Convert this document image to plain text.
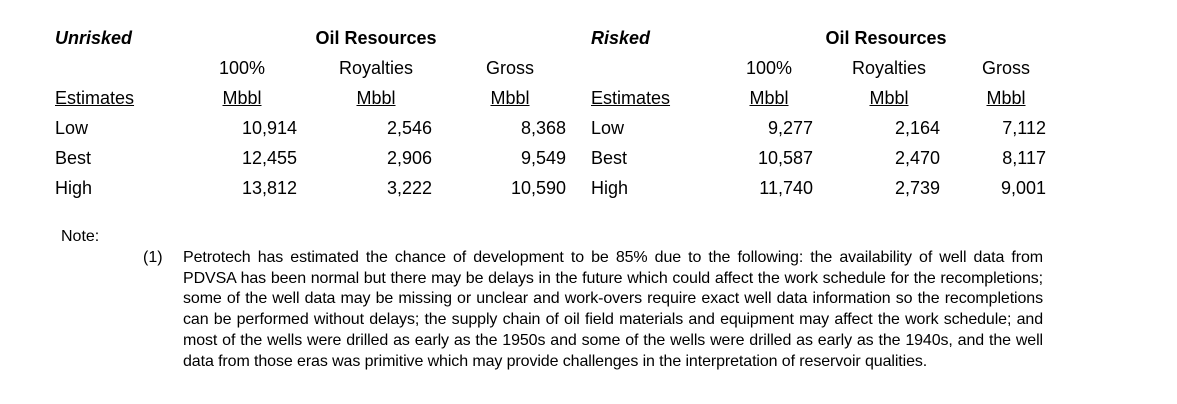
Unrisked	Oil Resources
100%	Royalties	Gross
Estimates	Mbbl	Mbbl	Mbbl
Low	10,914	2,546	8,368
Best	12,455	2,906	9,549
High	13,812	3,222	10,590
Risked	Oil Resources
100%	Royalties	Gross
Estimates	Mbbl	Mbbl	Mbbl
Low	9,277	2,164	7,112
Best	10,587	2,470	8,117
High	11,740	2,739	9,001
Note:
(1) Petrotech has estimated the chance of development to be 85% due to the following: the availability of well data from PDVSA has been normal but there may be delays in the future which could affect the work schedule for the recompletions; some of the well data may be missing or unclear and work-overs require exact well data information so the recompletions can be performed without delays; the supply chain of oil field materials and equipment may affect the work schedule; and most of the wells were drilled as early as the 1950s and some of the wells were drilled as early as the 1940s, and the well data from those eras was primitive which may provide challenges in the interpretation of reservoir qualities.
